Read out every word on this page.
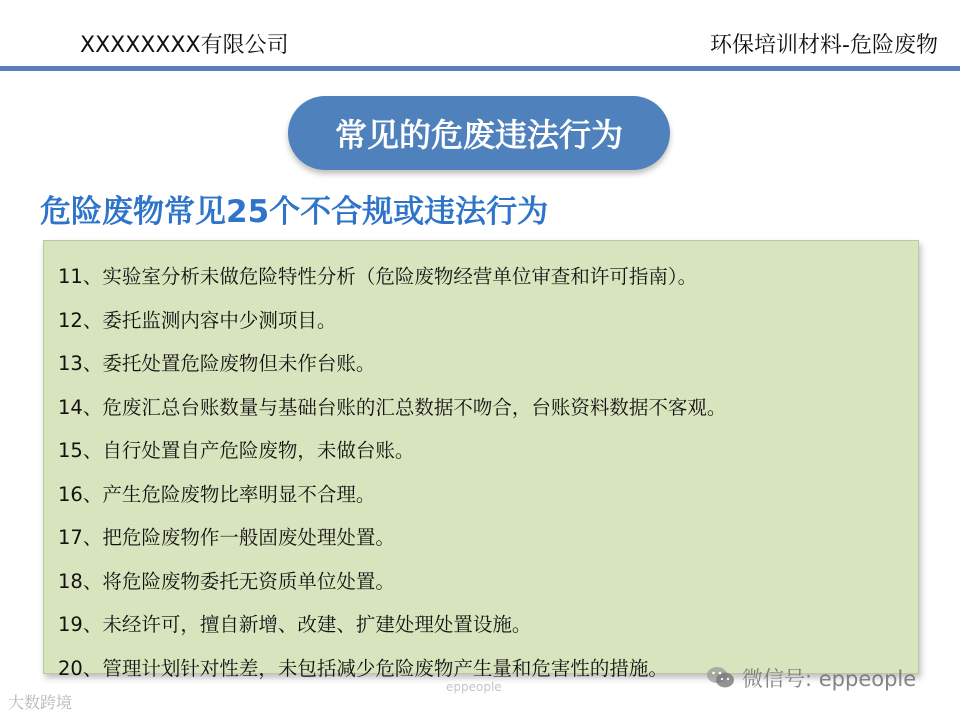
XXXXXXXX有限公司	环保培训材料-危险废物
常见的危废违法行为
危险废物常见25个不合规或违法行为
11、实验室分析未做危险特性分析（危险废物经营单位审查和许可指南）。
12、委托监测内容中少测项目。
13、委托处置危险废物但未作台账。
14、危废汇总台账数量与基础台账的汇总数据不吻合，台账资料数据不客观。
15、自行处置自产危险废物，未做台账。
16、产生危险废物比率明显不合理。
17、把危险废物作一般固废处理处置。
18、将危险废物委托无资质单位处置。
19、未经许可，擅自新增、改建、扩建处理处置设施。
20、管理计划针对性差，未包括减少危险废物产生量和危害性的措施。
大数跨境
eppeople	微信号: eppeople
